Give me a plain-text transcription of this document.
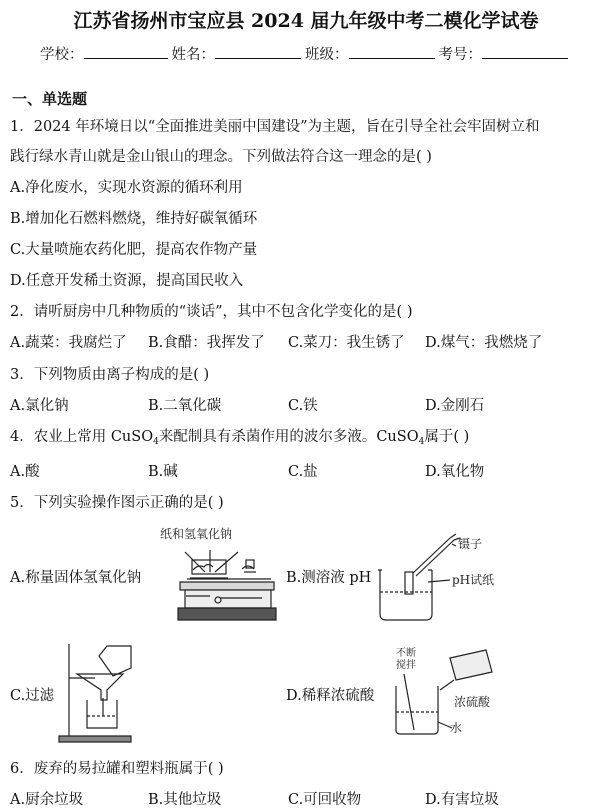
江苏省扬州市宝应县 2024 届九年级中考二模化学试卷
学校：	姓名：	班级：	考号：
一、单选题
1．2024 年环境日以“全面推进美丽中国建设”为主题，旨在引导全社会牢固树立和
践行绿水青山就是金山银山的理念。下列做法符合这一理念的是( )
A.净化废水，实现水资源的循环利用
B.增加化石燃料燃烧，维持好碳氧循环
C.大量喷施农药化肥，提高农作物产量
D.任意开发稀土资源，提高国民收入
2．请听厨房中几种物质的“谈话”，其中不包含化学变化的是( )
A.蔬菜：我腐烂了 B.食醋：我挥发了 C.菜刀：我生锈了 D.煤气：我燃烧了
3．下列物质由离子构成的是( )
A.氯化钠	B.二氧化碳	C.铁	D.金刚石
4．农业上常用 CuSO$_4$来配制具有杀菌作用的波尔多液。CuSO$_4$属于( )
A.酸	B.碱	C.盐	D.氧化物
5．下列实验操作图示正确的是( )
A.称量固体氢氧化钠	B.测溶液 pH
C.过滤	D.稀释浓硫酸
纸和氢氧化钠
镊子
pH试纸
不断
搅拌
浓硫酸
水
6．废弃的易拉罐和塑料瓶属于( )
A.厨余垃圾	B.其他垃圾	C.可回收物	D.有害垃圾
